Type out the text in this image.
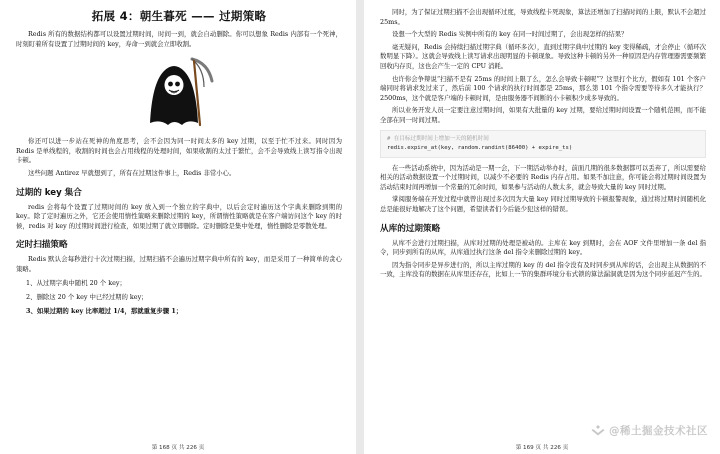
拓展 4：朝生暮死 —— 过期策略

Redis 所有的数据结构都可以设置过期时间，时间一到，就会自动删除。你可以想象 Redis 内部有一个死神，时刻盯着所有设置了过期时间的 key，寿命一到就会立即收割。

你还可以进一步站在死神的角度思考，会不会因为同一时间太多的 key 过期，以至于忙不过来。同时因为 Redis 是单线程的，收割的时间也会占用线程的处理时间，如果收割的太过于繁忙，会不会导致线上读写指令出现卡顿。

这些问题 Antirez 早就想到了，所有在过期这件事上，Redis 非常小心。

过期的 key 集合

redis 会将每个设置了过期时间的 key 放入到一个独立的字典中，以后会定时遍历这个字典来删除到期的 key。除了定时遍历之外，它还会使用惰性策略来删除过期的 key，所谓惰性策略就是在客户端访问这个 key 的时候，redis 对 key 的过期时间进行检查，如果过期了就立即删除。定时删除是集中处理，惰性删除是零散处理。

定时扫描策略

Redis 默认会每秒进行十次过期扫描，过期扫描不会遍历过期字典中所有的 key，而是采用了一种简单的贪心策略。

1、从过期字典中随机 20 个 key；
2、删除这 20 个 key 中已经过期的 key；
3、如果过期的 key 比率超过 1/4，那就重复步骤 1；
第 168 页 共 226 页

同时，为了保证过期扫描不会出现循环过度，导致线程卡死现象，算法还增加了扫描时间的上限，默认不会超过 25ms。

设想一个大型的 Redis 实例中所有的 key 在同一时间过期了，会出现怎样的结果？

毫无疑问，Redis 会持续扫描过期字典（循环多次），直到过期字典中过期的 key 变得稀疏，才会停止（循环次数明显下降）。这就会导致线上读写请求出现明显的卡顿现象。导致这种卡顿的另外一种原因是内存管理器需要频繁回收内存页，这也会产生一定的 CPU 消耗。

也许你会争辩说“扫描不是有 25ms 的时间上限了么，怎么会导致卡顿呢”？这里打个比方，假如有 101 个客户端同时将请求发过来了，然后前 100 个请求的执行时间都是 25ms，那么第 101 个指令需要等待多久才能执行？2500ms，这个就是客户端的卡顿时间，是由服务器不间断的小卡顿积少成多导致的。

所以业务开发人员一定要注意过期时间，如果有大批量的 key 过期，要给过期时间设置一个随机范围，而不能全部在同一时间过期。

# 在目标过期时间上增加一天的随机时间
redis.expire_at(key, random.randint(86400) + expire_ts)

在一些活动系统中，因为活动是一期一会，下一期活动举办时，前面几期的很多数据都可以丢弃了，所以需要给相关的活动数据设置一个过期时间，以减少不必要的 Redis 内存占用。如果不加注意，你可能会将过期时间设置为活动结束时间再增加一个常量的冗余时间，如果参与活动的人数太多，就会导致大量的 key 同时过期。

掌阅服务端在开发过程中就曾出现过多次因为大量 key 同时过期导致的卡顿报警现象，通过将过期时间随机化总是能很好地解决了这个问题，希望读者们今后能少犯这样的错误。

从库的过期策略

从库不会进行过期扫描，从库对过期的处理是被动的。主库在 key 到期时，会在 AOF 文件里增加一条 del 指令，同步到所有的从库，从库通过执行这条 del 指令来删除过期的 key。

因为指令同步是异步进行的，所以主库过期的 key 的 del 指令没有及时同步到从库的话，会出现主从数据的不一致，主库没有的数据在从库里还存在，比如上一节的集群环境分布式锁的算法漏洞就是因为这个同步延迟产生的。

第 169 页 共 226 页
@稀土掘金技术社区
